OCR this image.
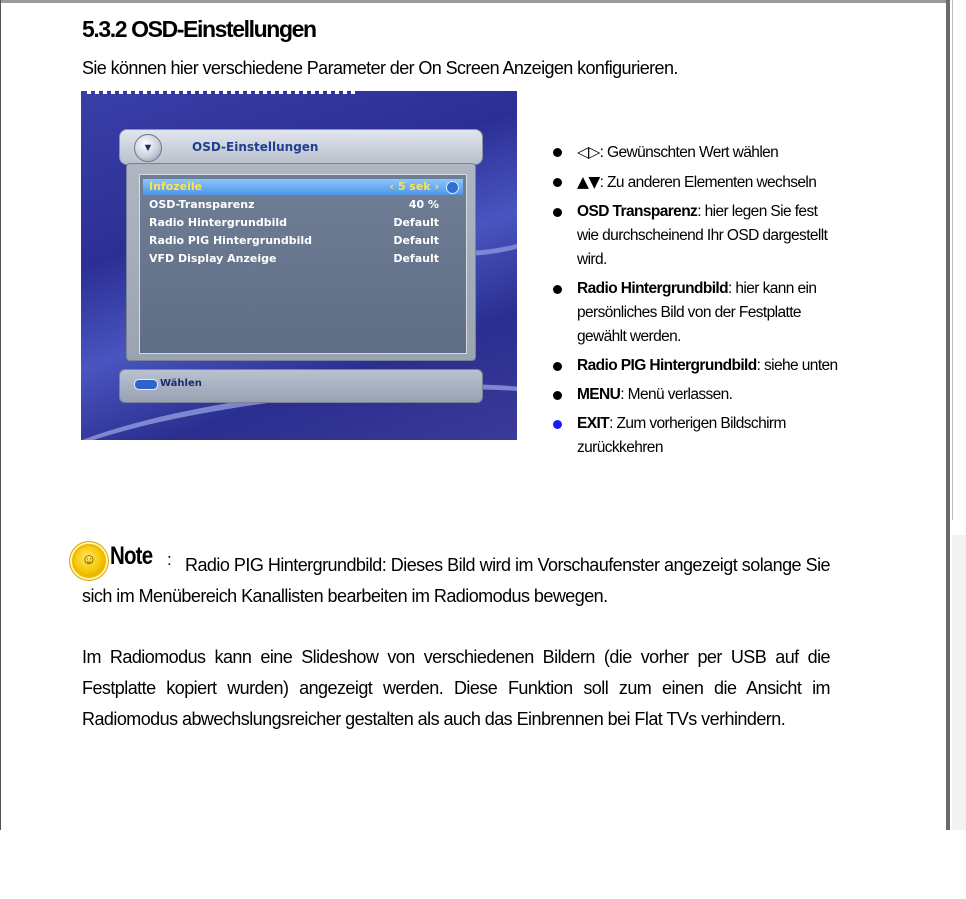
5.3.2 OSD-Einstellungen

Sie können hier verschiedene Parameter der On Screen Anzeigen konfigurieren.

▼	OSD-Einstellungen
Infozeile	‹ 5 sek ›
OSD-Transparenz	40 %
Radio Hintergrundbild	Default
Radio PIG Hintergrundbild	Default
VFD Display Anzeige	Default
Wählen
◁▷: Gewünschten Wert wählen
▲▼: Zu anderen Elementen wechseln
OSD Transparenz: hier legen Sie fest wie durchscheinend Ihr OSD dargestellt wird.
Radio Hintergrundbild: hier kann ein persönliches Bild von der Festplatte gewählt werden.
Radio PIG Hintergrundbild: siehe unten
MENU: Menü verlassen.
EXIT: Zum vorherigen Bildschirm zurückkehren
☺ Note : Radio PIG Hintergrundbild: Dieses Bild wird im Vorschaufenster angezeigt solange Sie sich im Menübereich Kanallisten bearbeiten im Radiomodus bewegen.

Im Radiomodus kann eine Slideshow von verschiedenen Bildern (die vorher per USB auf die Festplatte kopiert wurden) angezeigt werden. Diese Funktion soll zum einen die Ansicht im Radiomodus abwechslungsreicher gestalten als auch das Einbrennen bei Flat TVs verhindern.
